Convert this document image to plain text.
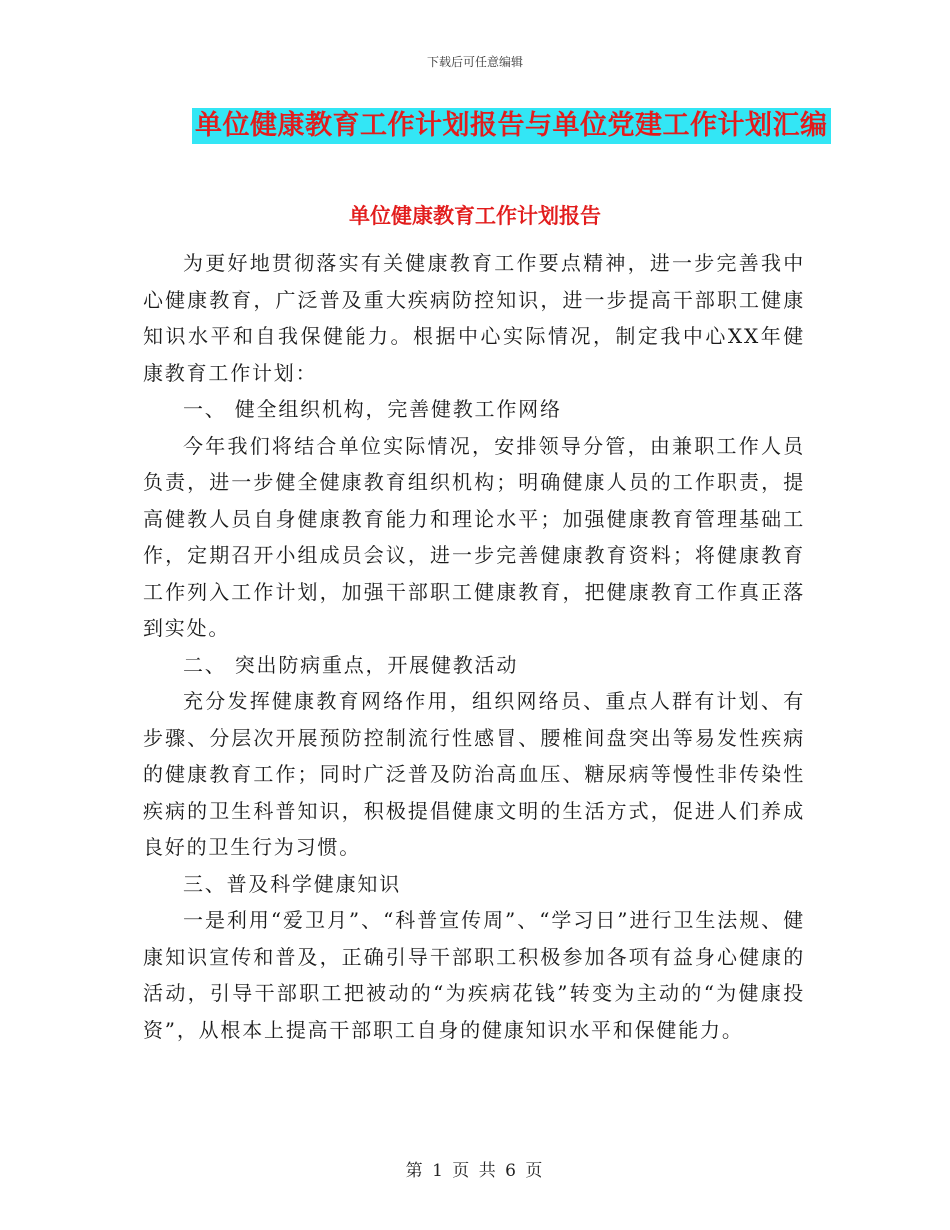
下载后可任意编辑
单位健康教育工作计划报告与单位党建工作计划汇编
单位健康教育工作计划报告

为更好地贯彻落实有关健康教育工作要点精神，进一步完善我中心健康教育，广泛普及重大疾病防控知识，进一步提高干部职工健康知识水平和自我保健能力。根据中心实际情况，制定我中心XX年健康教育工作计划：

一、 健全组织机构，完善健教工作网络

今年我们将结合单位实际情况，安排领导分管，由兼职工作人员负责，进一步健全健康教育组织机构；明确健康人员的工作职责，提高健教人员自身健康教育能力和理论水平；加强健康教育管理基础工作，定期召开小组成员会议，进一步完善健康教育资料；将健康教育工作列入工作计划，加强干部职工健康教育，把健康教育工作真正落到实处。

二、 突出防病重点，开展健教活动

充分发挥健康教育网络作用，组织网络员、重点人群有计划、有步骤、分层次开展预防控制流行性感冒、腰椎间盘突出等易发性疾病的健康教育工作；同时广泛普及防治高血压、糖尿病等慢性非传染性疾病的卫生科普知识，积极提倡健康文明的生活方式，促进人们养成良好的卫生行为习惯。

三、普及科学健康知识

一是利用“爱卫月”、“科普宣传周”、“学习日”进行卫生法规、健康知识宣传和普及，正确引导干部职工积极参加各项有益身心健康的活动，引导干部职工把被动的“为疾病花钱”转变为主动的“为健康投资”，从根本上提高干部职工自身的健康知识水平和保健能力。

第 1 页 共 6 页
